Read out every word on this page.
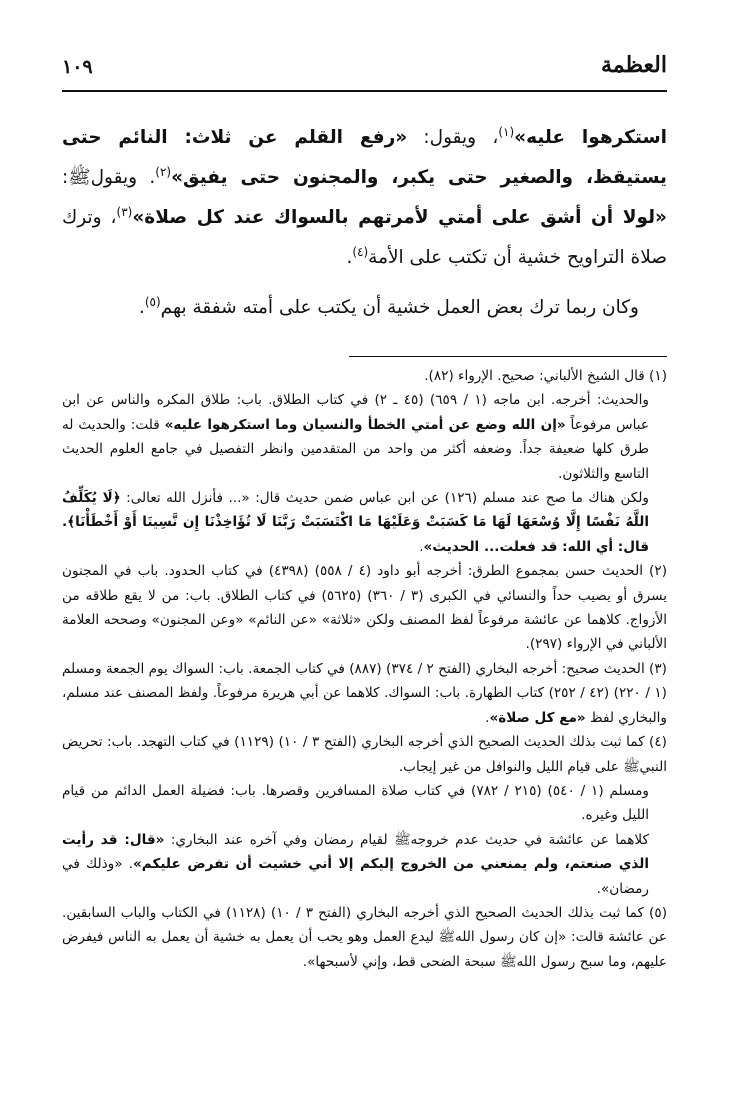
العظمة
١٠٩

استكرهوا عليه»$^{(١)}$، ويقول: «رفع القلم عن ثلاث: النائم حتى يستيقظ، والصغير حتى يكبر، والمجنون حتى يفيق»$^{(٢)}$. ويقولﷺ: «لولا أن أشق على أمتي لأمرتهم بالسواك عند كل صلاة»$^{(٣)}$، وترك صلاة التراويح خشية أن تكتب على الأمة$^{(٤)}$.

وكان ربما ترك بعض العمل خشية أن يكتب على أمته شفقة بهم$^{(٥)}$.

(١) قال الشيخ الألباني: صحيح. الإرواء (٨٢).

والحديث: أخرجه. ابن ماجه (١ / ٦٥٩) (٤٥ ـ ٢) في كتاب الطلاق. باب: طلاق المكره والناس عن ابن عباس مرفوعاً «إن الله وضع عن أمتي الخطأ والنسيان وما استكرهوا عليه» قلت: والحديث له طرق كلها ضعيفة جداً. وضعفه أكثر من واحد من المتقدمين وانظر التفصيل في جامع العلوم الحديث التاسع والثلاثون.

ولكن هناك ما صح عند مسلم (١٢٦) عن ابن عباس ضمن حديث قال: «... فأنزل الله تعالى: ﴿لَا يُكَلِّفُ اللَّهُ نَفْسًا إِلَّا وُسْعَهَا لَهَا مَا كَسَبَتْ وَعَلَيْهَا مَا اكْتَسَبَتْ رَبَّنَا لَا تُؤَاخِذْنَا إِن نَّسِينَا أَوْ أَخْطَأْنَا﴾. قال: أي الله: قد فعلت... الحديث».

(٢) الحديث حسن بمجموع الطرق: أخرجه أبو داود (٤ / ٥٥٨) (٤٣٩٨) في كتاب الحدود. باب في المجنون يسرق أو يصيب حداً والنسائي في الكبرى (٣ / ٣٦٠) (٥٦٢٥) في كتاب الطلاق. باب: من لا يقع طلاقه من الأزواج. كلاهما عن عائشة مرفوعاً لفظ المصنف ولكن «ثلاثة» «عن النائم» «وعن المجنون» وصححه العلامة الألباني في الإرواء (٢٩٧).

(٣) الحديث صحيح: أخرجه البخاري (الفتح ٢ / ٣٧٤) (٨٨٧) في كتاب الجمعة. باب: السواك يوم الجمعة ومسلم (١ / ٢٢٠) (٤٢ / ٢٥٢) كتاب الطهارة. باب: السواك. كلاهما عن أبي هريرة مرفوعاً. ولفظ المصنف عند مسلم، والبخاري لفظ «مع كل صلاة».

(٤) كما ثبت بذلك الحديث الصحيح الذي أخرجه البخاري (الفتح ٣ / ١٠) (١١٢٩) في كتاب التهجد. باب: تحريض النبيﷺ على قيام الليل والنوافل من غير إيجاب.

ومسلم (١ / ٥٤٠) (٢١٥ / ٧٨٢) في كتاب صلاة المسافرين وقصرها. باب: فضيلة العمل الدائم من قيام الليل وغيره.

كلاهما عن عائشة في حديث عدم خروجهﷺ لقيام رمضان وفي آخره عند البخاري: «قال: قد رأيت الذي صنعتم، ولم يمنعني من الخروج إليكم إلا أني خشيت أن تفرض عليكم». «وذلك في رمضان».

(٥) كما ثبت بذلك الحديث الصحيح الذي أخرجه البخاري (الفتح ٣ / ١٠) (١١٢٨) في الكتاب والباب السابقين. عن عائشة قالت: «إن كان رسول اللهﷺ ليدع العمل وهو يحب أن يعمل به خشية أن يعمل به الناس فيفرض عليهم، وما سبح رسول اللهﷺ سبحة الضحى قط، وإني لأسبحها».
